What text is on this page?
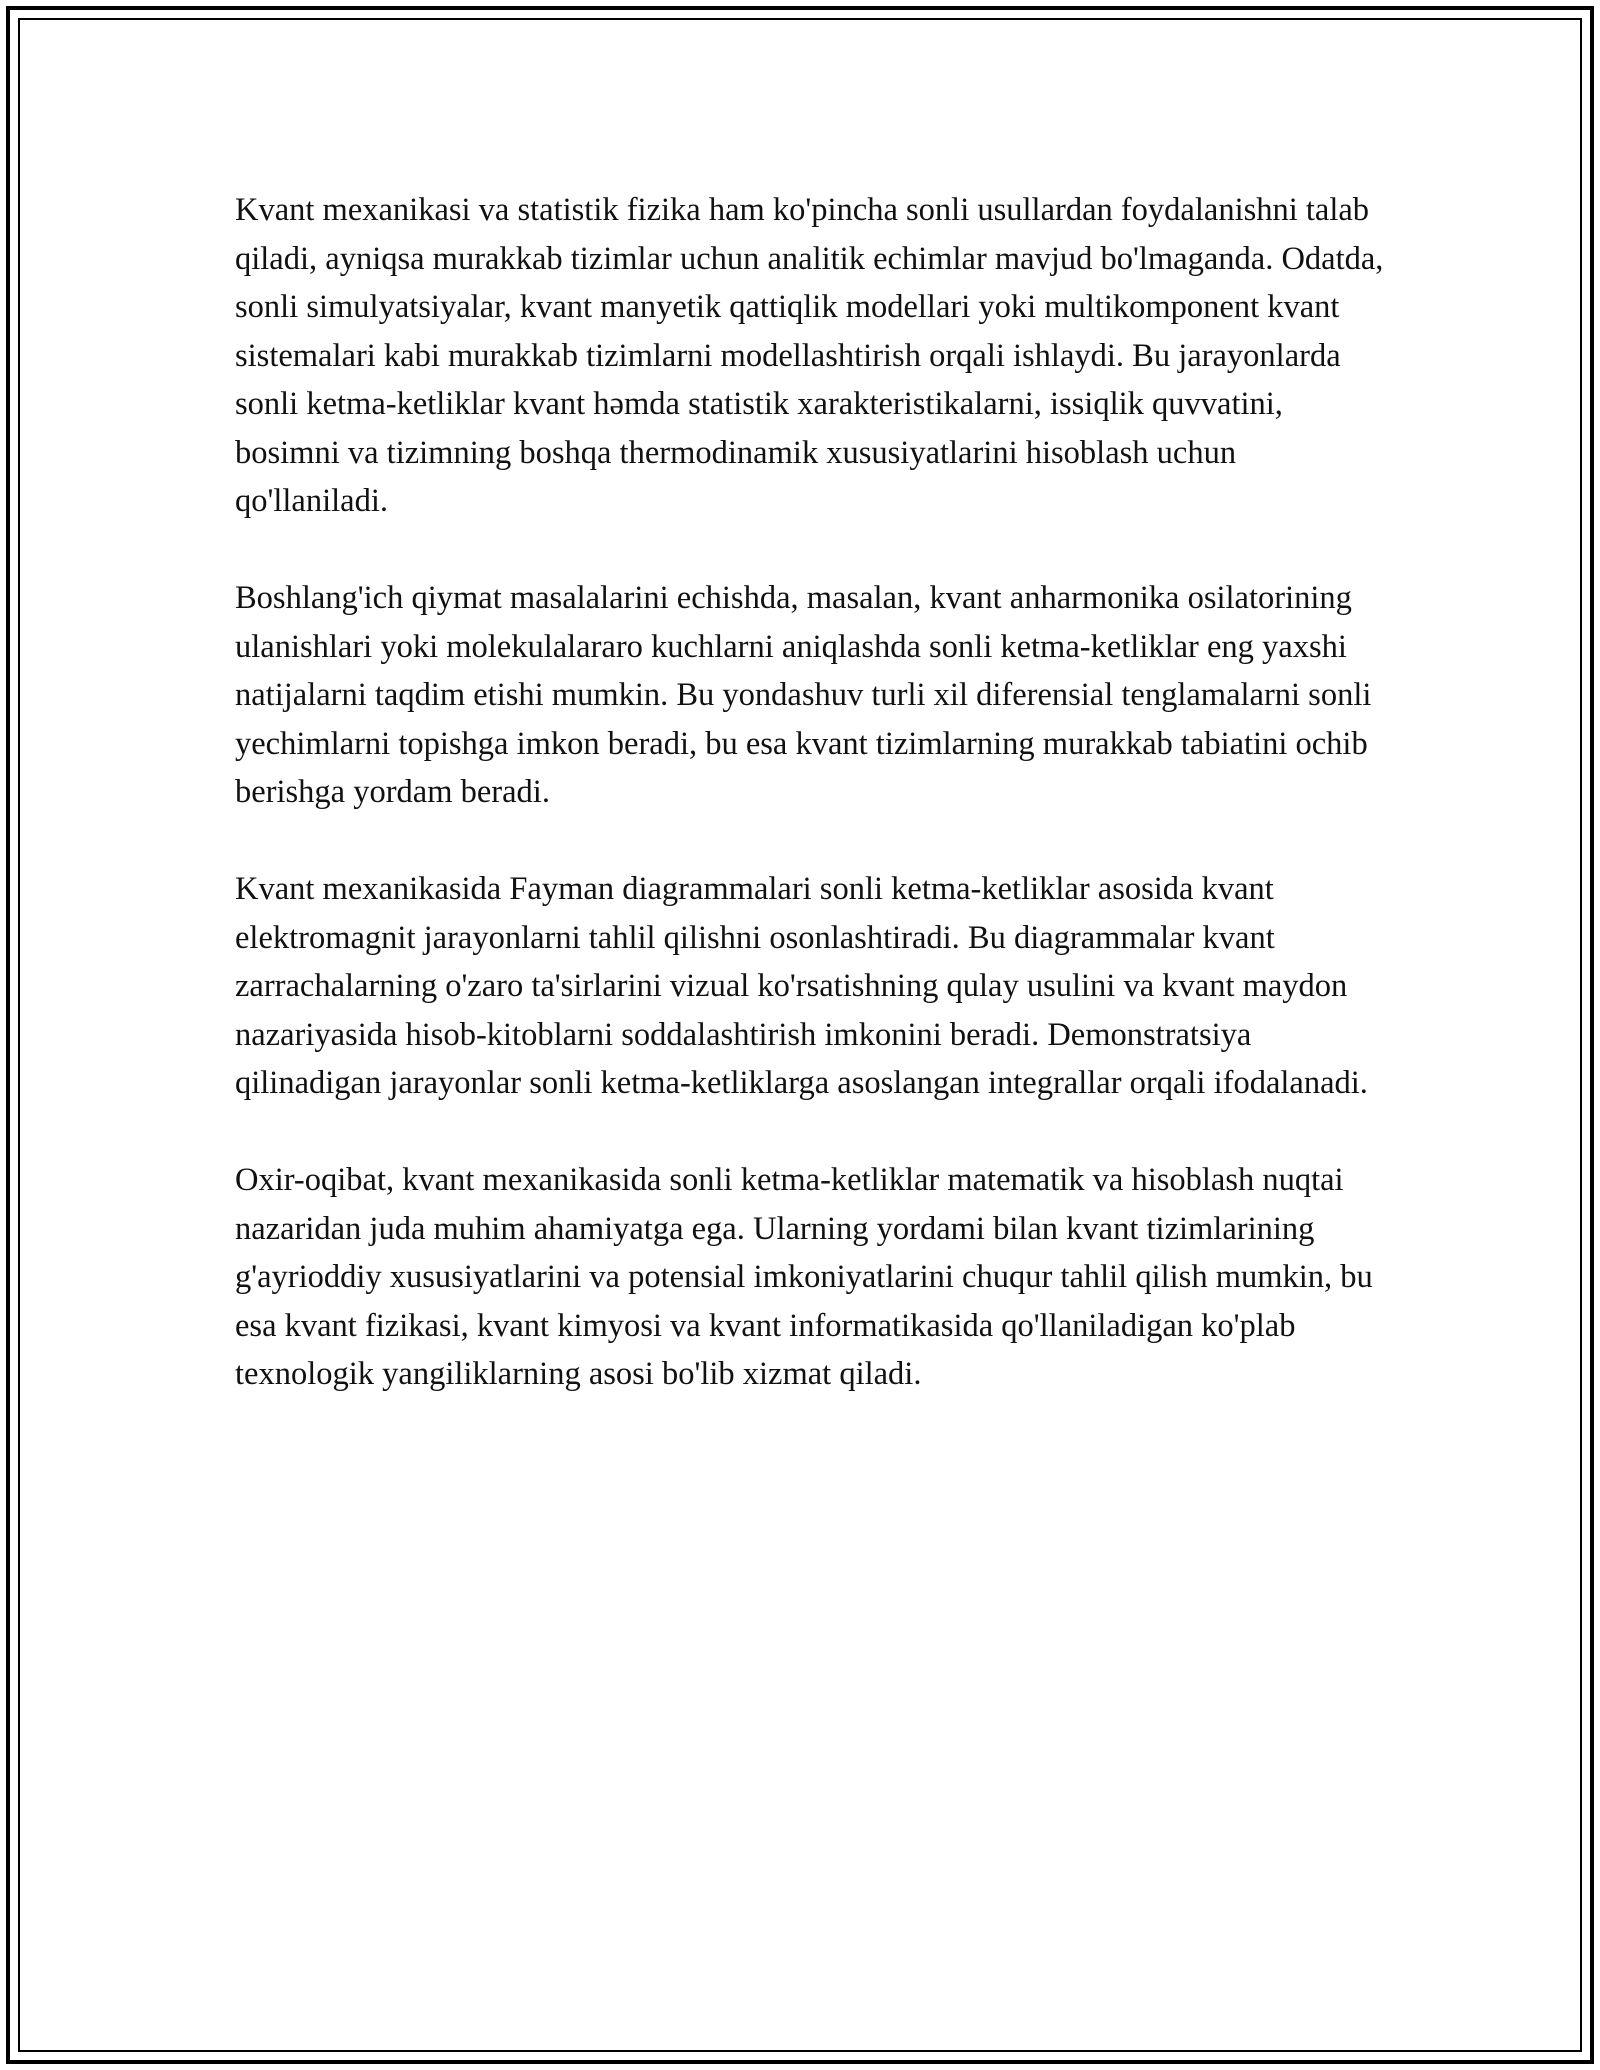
Kvant mexanikasi va statistik fizika ham ko'pincha sonli usullardan foydalanishni talab qiladi, ayniqsa murakkab tizimlar uchun analitik echimlar mavjud bo'lmaganda. Odatda, sonli simulyatsiyalar, kvant manyetik qattiqlik modellari yoki multikomponent kvant sistemalari kabi murakkab tizimlarni modellashtirish orqali ishlaydi. Bu jarayonlarda sonli ketma-ketliklar kvant həmda statistik xarakteristikalarni, issiqlik quvvatini, bosimni va tizimning boshqa thermodinamik xususiyatlarini hisoblash uchun qo'llaniladi.

Boshlang'ich qiymat masalalarini echishda, masalan, kvant anharmonika osilatorining ulanishlari yoki molekulalararo kuchlarni aniqlashda sonli ketma-ketliklar eng yaxshi natijalarni taqdim etishi mumkin. Bu yondashuv turli xil diferensial tenglamalarni sonli yechimlarni topishga imkon beradi, bu esa kvant tizimlarning murakkab tabiatini ochib berishga yordam beradi.

Kvant mexanikasida Fayman diagrammalari sonli ketma-ketliklar asosida kvant elektromagnit jarayonlarni tahlil qilishni osonlashtiradi. Bu diagrammalar kvant zarrachalarning o'zaro ta'sirlarini vizual ko'rsatishning qulay usulini va kvant maydon nazariyasida hisob-kitoblarni soddalashtirish imkonini beradi. Demonstratsiya qilinadigan jarayonlar sonli ketma-ketliklarga asoslangan integrallar orqali ifodalanadi.

Oxir-oqibat, kvant mexanikasida sonli ketma-ketliklar matematik va hisoblash nuqtai nazaridan juda muhim ahamiyatga ega. Ularning yordami bilan kvant tizimlarining g'ayrioddiy xususiyatlarini va potensial imkoniyatlarini chuqur tahlil qilish mumkin, bu esa kvant fizikasi, kvant kimyosi va kvant informatikasida qo'llaniladigan ko'plab texnologik yangiliklarning asosi bo'lib xizmat qiladi.
